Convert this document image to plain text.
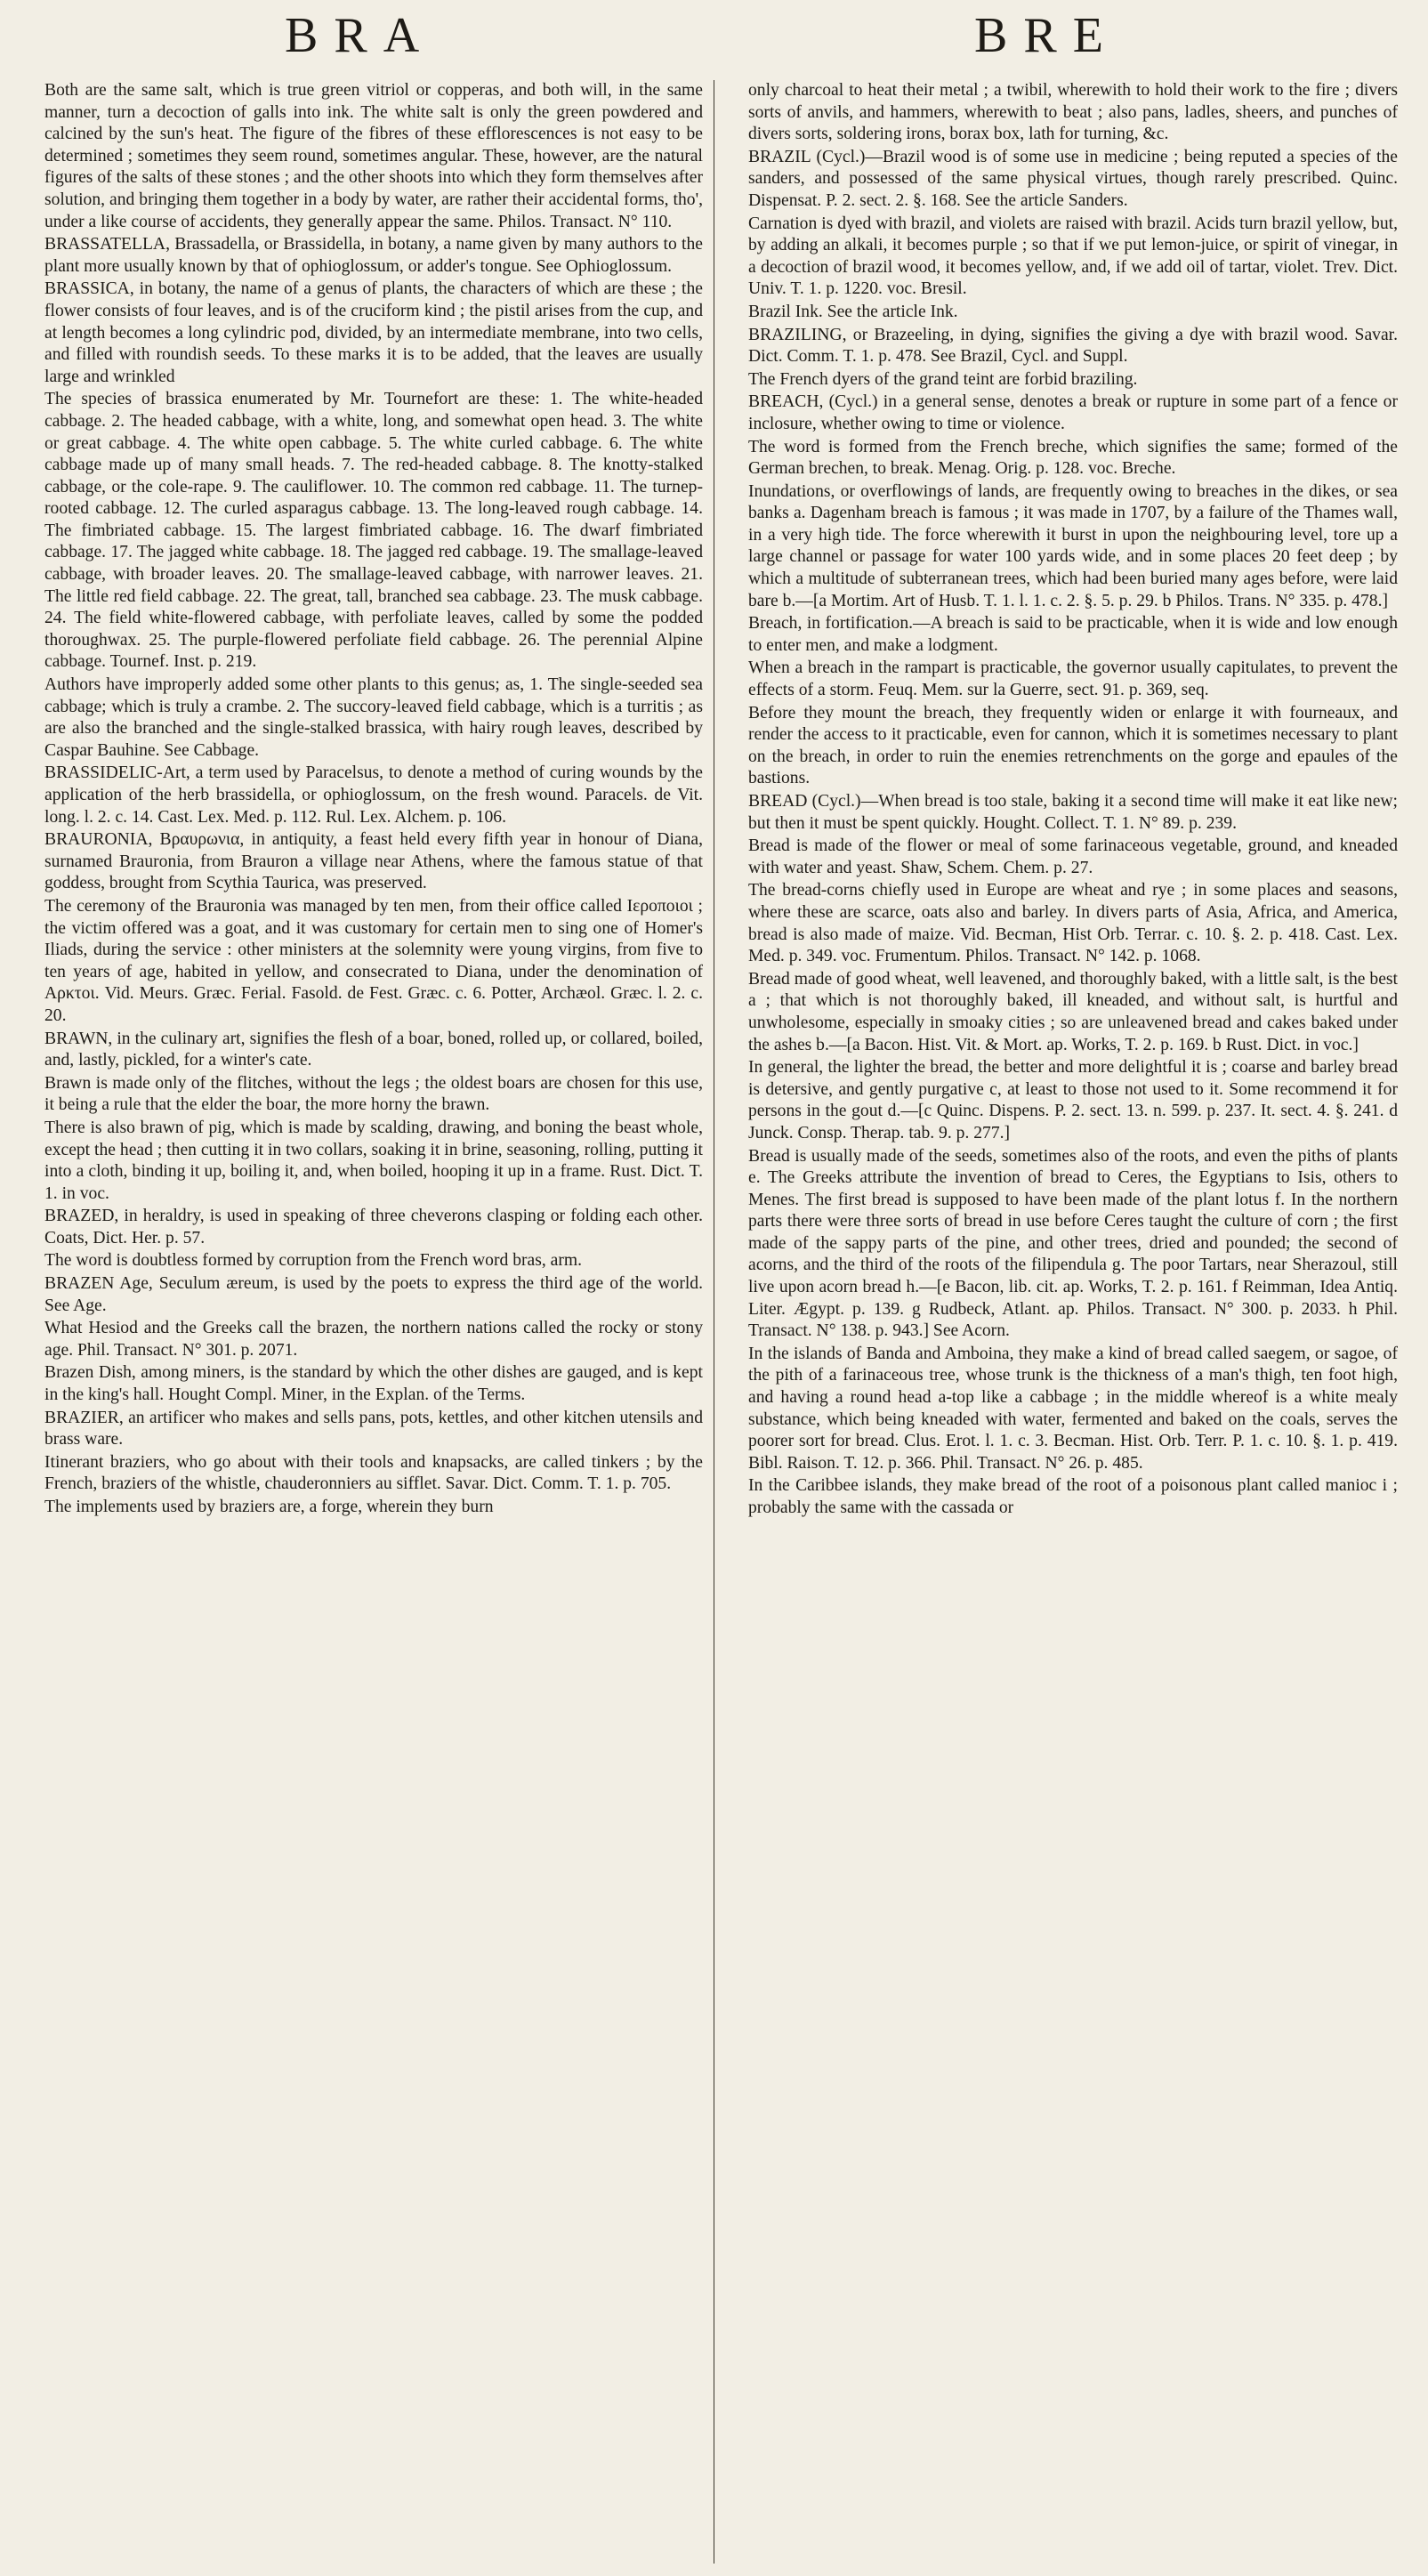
BRA	BRE

Both are the same salt, which is true green vitriol or copperas, and both will, in the same manner, turn a decoction of galls into ink. The white salt is only the green powdered and calcined by the sun's heat. The figure of the fibres of these efflorescences is not easy to be determined ; sometimes they seem round, sometimes angular. These, however, are the natural figures of the salts of these stones ; and the other shoots into which they form themselves after solution, and bringing them together in a body by water, are rather their accidental forms, tho', under a like course of accidents, they generally appear the same. Philos. Transact. N° 110.

BRASSATELLA, Brassadella, or Brassidella, in botany, a name given by many authors to the plant more usually known by that of ophioglossum, or adder's tongue. See Ophioglossum.

BRASSICA, in botany, the name of a genus of plants, the characters of which are these ; the flower consists of four leaves, and is of the cruciform kind ; the pistil arises from the cup, and at length becomes a long cylindric pod, divided, by an intermediate membrane, into two cells, and filled with roundish seeds. To these marks it is to be added, that the leaves are usually large and wrinkled

The species of brassica enumerated by Mr. Tournefort are these: 1. The white-headed cabbage. 2. The headed cabbage, with a white, long, and somewhat open head. 3. The white or great cabbage. 4. The white open cabbage. 5. The white curled cabbage. 6. The white cabbage made up of many small heads. 7. The red-headed cabbage. 8. The knotty-stalked cabbage, or the cole-rape. 9. The cauliflower. 10. The common red cabbage. 11. The turnep-rooted cabbage. 12. The curled asparagus cabbage. 13. The long-leaved rough cabbage. 14. The fimbriated cabbage. 15. The largest fimbriated cabbage. 16. The dwarf fimbriated cabbage. 17. The jagged white cabbage. 18. The jagged red cabbage. 19. The smallage-leaved cabbage, with broader leaves. 20. The smallage-leaved cabbage, with narrower leaves. 21. The little red field cabbage. 22. The great, tall, branched sea cabbage. 23. The musk cabbage. 24. The field white-flowered cabbage, with perfoliate leaves, called by some the podded thoroughwax. 25. The purple-flowered perfoliate field cabbage. 26. The perennial Alpine cabbage. Tournef. Inst. p. 219.

Authors have improperly added some other plants to this genus; as, 1. The single-seeded sea cabbage; which is truly a crambe. 2. The succory-leaved field cabbage, which is a turritis ; as are also the branched and the single-stalked brassica, with hairy rough leaves, described by Caspar Bauhine. See Cabbage.

BRASSIDELIC-Art, a term used by Paracelsus, to denote a method of curing wounds by the application of the herb brassidella, or ophioglossum, on the fresh wound. Paracels. de Vit. long. l. 2. c. 14. Cast. Lex. Med. p. 112. Rul. Lex. Alchem. p. 106.

BRAURONIA, Βραυρωνια, in antiquity, a feast held every fifth year in honour of Diana, surnamed Brauronia, from Brauron a village near Athens, where the famous statue of that goddess, brought from Scythia Taurica, was preserved.

The ceremony of the Brauronia was managed by ten men, from their office called Ιεροποιοι ; the victim offered was a goat, and it was customary for certain men to sing one of Homer's Iliads, during the service : other ministers at the solemnity were young virgins, from five to ten years of age, habited in yellow, and consecrated to Diana, under the denomination of Αρκτοι. Vid. Meurs. Græc. Ferial. Fasold. de Fest. Græc. c. 6. Potter, Archæol. Græc. l. 2. c. 20.

BRAWN, in the culinary art, signifies the flesh of a boar, boned, rolled up, or collared, boiled, and, lastly, pickled, for a winter's cate.

Brawn is made only of the flitches, without the legs ; the oldest boars are chosen for this use, it being a rule that the elder the boar, the more horny the brawn.

There is also brawn of pig, which is made by scalding, drawing, and boning the beast whole, except the head ; then cutting it in two collars, soaking it in brine, seasoning, rolling, putting it into a cloth, binding it up, boiling it, and, when boiled, hooping it up in a frame. Rust. Dict. T. 1. in voc.

BRAZED, in heraldry, is used in speaking of three cheverons clasping or folding each other. Coats, Dict. Her. p. 57.

The word is doubtless formed by corruption from the French word bras, arm.

BRAZEN Age, Seculum æreum, is used by the poets to express the third age of the world. See Age.

What Hesiod and the Greeks call the brazen, the northern nations called the rocky or stony age. Phil. Transact. N° 301. p. 2071.

Brazen Dish, among miners, is the standard by which the other dishes are gauged, and is kept in the king's hall. Hought Compl. Miner, in the Explan. of the Terms.

BRAZIER, an artificer who makes and sells pans, pots, kettles, and other kitchen utensils and brass ware.

Itinerant braziers, who go about with their tools and knapsacks, are called tinkers ; by the French, braziers of the whistle, chauderonniers au sifflet. Savar. Dict. Comm. T. 1. p. 705.

The implements used by braziers are, a forge, wherein they burn

only charcoal to heat their metal ; a twibil, wherewith to hold their work to the fire ; divers sorts of anvils, and hammers, wherewith to beat ; also pans, ladles, sheers, and punches of divers sorts, soldering irons, borax box, lath for turning, &c.

BRAZIL (Cycl.)—Brazil wood is of some use in medicine ; being reputed a species of the sanders, and possessed of the same physical virtues, though rarely prescribed. Quinc. Dispensat. P. 2. sect. 2. §. 168. See the article Sanders.

Carnation is dyed with brazil, and violets are raised with brazil. Acids turn brazil yellow, but, by adding an alkali, it becomes purple ; so that if we put lemon-juice, or spirit of vinegar, in a decoction of brazil wood, it becomes yellow, and, if we add oil of tartar, violet. Trev. Dict. Univ. T. 1. p. 1220. voc. Bresil.

Brazil Ink. See the article Ink.

BRAZILING, or Brazeeling, in dying, signifies the giving a dye with brazil wood. Savar. Dict. Comm. T. 1. p. 478. See Brazil, Cycl. and Suppl.

The French dyers of the grand teint are forbid braziling.

BREACH, (Cycl.) in a general sense, denotes a break or rupture in some part of a fence or inclosure, whether owing to time or violence.

The word is formed from the French breche, which signifies the same; formed of the German brechen, to break. Menag. Orig. p. 128. voc. Breche.

Inundations, or overflowings of lands, are frequently owing to breaches in the dikes, or sea banks a. Dagenham breach is famous ; it was made in 1707, by a failure of the Thames wall, in a very high tide. The force wherewith it burst in upon the neighbouring level, tore up a large channel or passage for water 100 yards wide, and in some places 20 feet deep ; by which a multitude of subterranean trees, which had been buried many ages before, were laid bare b.—[a Mortim. Art of Husb. T. 1. l. 1. c. 2. §. 5. p. 29. b Philos. Trans. N° 335. p. 478.]

Breach, in fortification.—A breach is said to be practicable, when it is wide and low enough to enter men, and make a lodgment.

When a breach in the rampart is practicable, the governor usually capitulates, to prevent the effects of a storm. Feuq. Mem. sur la Guerre, sect. 91. p. 369, seq.

Before they mount the breach, they frequently widen or enlarge it with fourneaux, and render the access to it practicable, even for cannon, which it is sometimes necessary to plant on the breach, in order to ruin the enemies retrenchments on the gorge and epaules of the bastions.

BREAD (Cycl.)—When bread is too stale, baking it a second time will make it eat like new; but then it must be spent quickly. Hought. Collect. T. 1. N° 89. p. 239.

Bread is made of the flower or meal of some farinaceous vegetable, ground, and kneaded with water and yeast. Shaw, Schem. Chem. p. 27.

The bread-corns chiefly used in Europe are wheat and rye ; in some places and seasons, where these are scarce, oats also and barley. In divers parts of Asia, Africa, and America, bread is also made of maize. Vid. Becman, Hist Orb. Terrar. c. 10. §. 2. p. 418. Cast. Lex. Med. p. 349. voc. Frumentum. Philos. Transact. N° 142. p. 1068.

Bread made of good wheat, well leavened, and thoroughly baked, with a little salt, is the best a ; that which is not thoroughly baked, ill kneaded, and without salt, is hurtful and unwholesome, especially in smoaky cities ; so are unleavened bread and cakes baked under the ashes b.—[a Bacon. Hist. Vit. & Mort. ap. Works, T. 2. p. 169. b Rust. Dict. in voc.]

In general, the lighter the bread, the better and more delightful it is ; coarse and barley bread is detersive, and gently purgative c, at least to those not used to it. Some recommend it for persons in the gout d.—[c Quinc. Dispens. P. 2. sect. 13. n. 599. p. 237. It. sect. 4. §. 241. d Junck. Consp. Therap. tab. 9. p. 277.]

Bread is usually made of the seeds, sometimes also of the roots, and even the piths of plants e. The Greeks attribute the invention of bread to Ceres, the Egyptians to Isis, others to Menes. The first bread is supposed to have been made of the plant lotus f. In the northern parts there were three sorts of bread in use before Ceres taught the culture of corn ; the first made of the sappy parts of the pine, and other trees, dried and pounded; the second of acorns, and the third of the roots of the filipendula g. The poor Tartars, near Sherazoul, still live upon acorn bread h.—[e Bacon, lib. cit. ap. Works, T. 2. p. 161. f Reimman, Idea Antiq. Liter. Ægypt. p. 139. g Rudbeck, Atlant. ap. Philos. Transact. N° 300. p. 2033. h Phil. Transact. N° 138. p. 943.] See Acorn.

In the islands of Banda and Amboina, they make a kind of bread called saegem, or sagoe, of the pith of a farinaceous tree, whose trunk is the thickness of a man's thigh, ten foot high, and having a round head a-top like a cabbage ; in the middle whereof is a white mealy substance, which being kneaded with water, fermented and baked on the coals, serves the poorer sort for bread. Clus. Erot. l. 1. c. 3. Becman. Hist. Orb. Terr. P. 1. c. 10. §. 1. p. 419. Bibl. Raison. T. 12. p. 366. Phil. Transact. N° 26. p. 485.

In the Caribbee islands, they make bread of the root of a poisonous plant called manioc i ; probably the same with the cassada or
